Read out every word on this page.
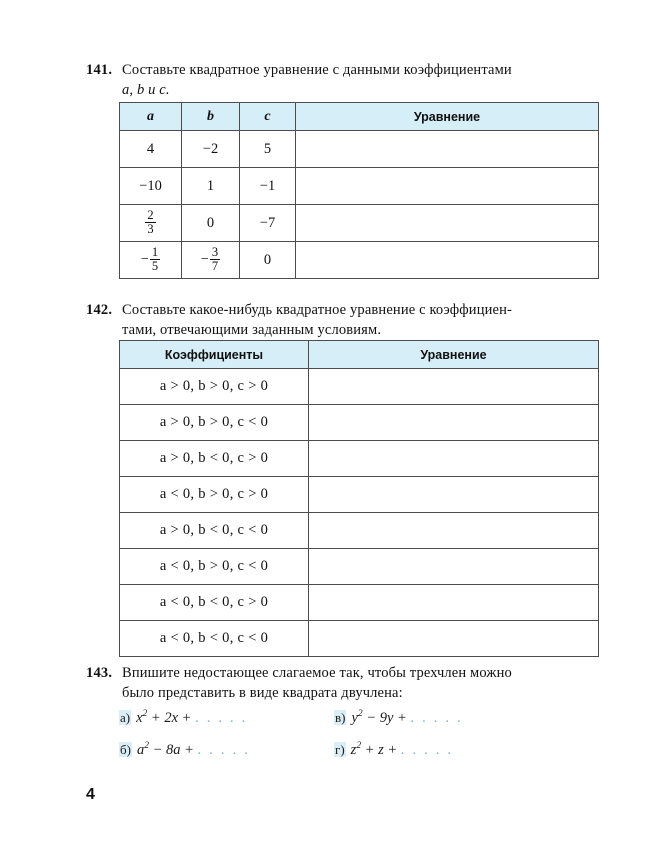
141. Составьте квадратное уравнение с данными коэффициентами
a, b и c.
a	b	c	Уравнение
4	−2	5	
−10	1	−1	

$\frac{2}{3}$	0	−7	

− $\frac{1}{5}$	− $\frac{3}{7}$	0	
142. Составьте какое-нибудь квадратное уравнение с коэффициен-
тами, отвечающими заданным условиям.
Коэффициенты	Уравнение
a > 0, b > 0, c > 0	
a > 0, b > 0, c < 0	
a > 0, b < 0, c > 0	
a < 0, b > 0, c > 0	
a > 0, b < 0, c < 0	
a < 0, b > 0, c < 0	
a < 0, b < 0, c > 0	
a < 0, b < 0, c < 0	
143. Впишите недостающее слагаемое так, чтобы трехчлен можно
было представить в виде квадрата двучлена:
а) $x^2 + 2x$ + . . . . .	в) $y^2 - 9y$ + . . . . .
б) $a^2 - 8a$ + . . . . .	г) $z^2 + z$ + . . . . .
4
